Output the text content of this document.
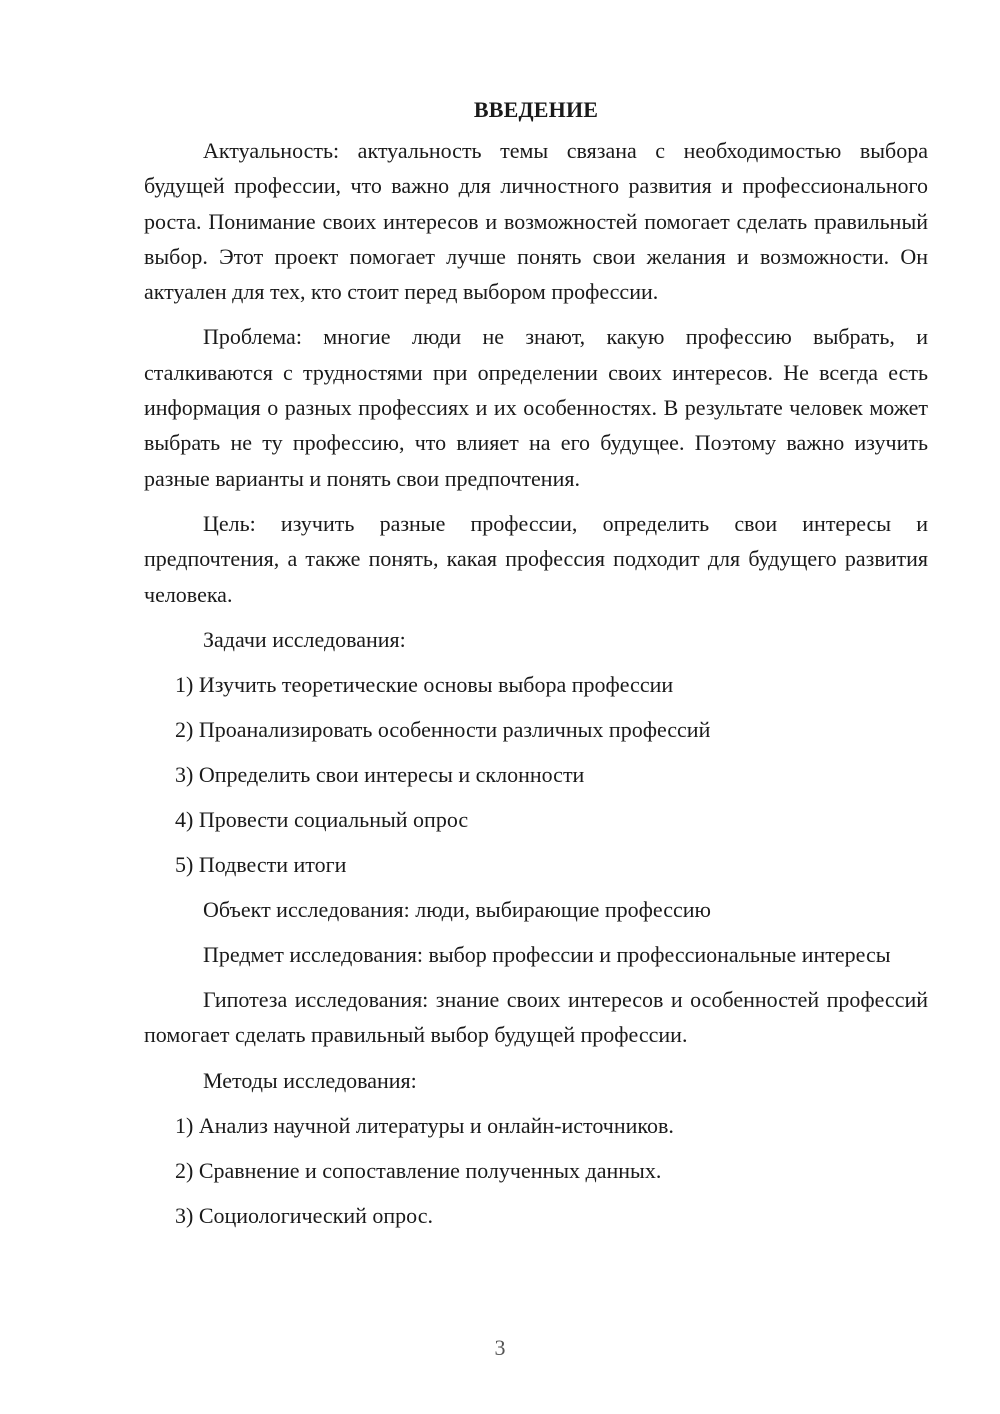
ВВЕДЕНИЕ

Актуальность: актуальность темы связана с необходимостью выбора будущей профессии, что важно для личностного развития и профессионального роста. Понимание своих интересов и возможностей помогает сделать правильный выбор. Этот проект помогает лучше понять свои желания и возможности. Он актуален для тех, кто стоит перед выбором профессии.

Проблема: многие люди не знают, какую профессию выбрать, и сталкиваются с трудностями при определении своих интересов. Не всегда есть информация о разных профессиях и их особенностях. В результате человек может выбрать не ту профессию, что влияет на его будущее. Поэтому важно изучить разные варианты и понять свои предпочтения.

Цель: изучить разные профессии, определить свои интересы и предпочтения, а также понять, какая профессия подходит для будущего развития человека.

Задачи исследования:
1) Изучить теоретические основы выбора профессии
2) Проанализировать особенности различных профессий
3) Определить свои интересы и склонности
4) Провести социальный опрос
5) Подвести итоги
Объект исследования: люди, выбирающие профессию

Предмет исследования: выбор профессии и профессиональные интересы

Гипотеза исследования: знание своих интересов и особенностей профессий помогает сделать правильный выбор будущей профессии.

Методы исследования:
1) Анализ научной литературы и онлайн-источников.
2) Сравнение и сопоставление полученных данных.
3) Социологический опрос.
3
